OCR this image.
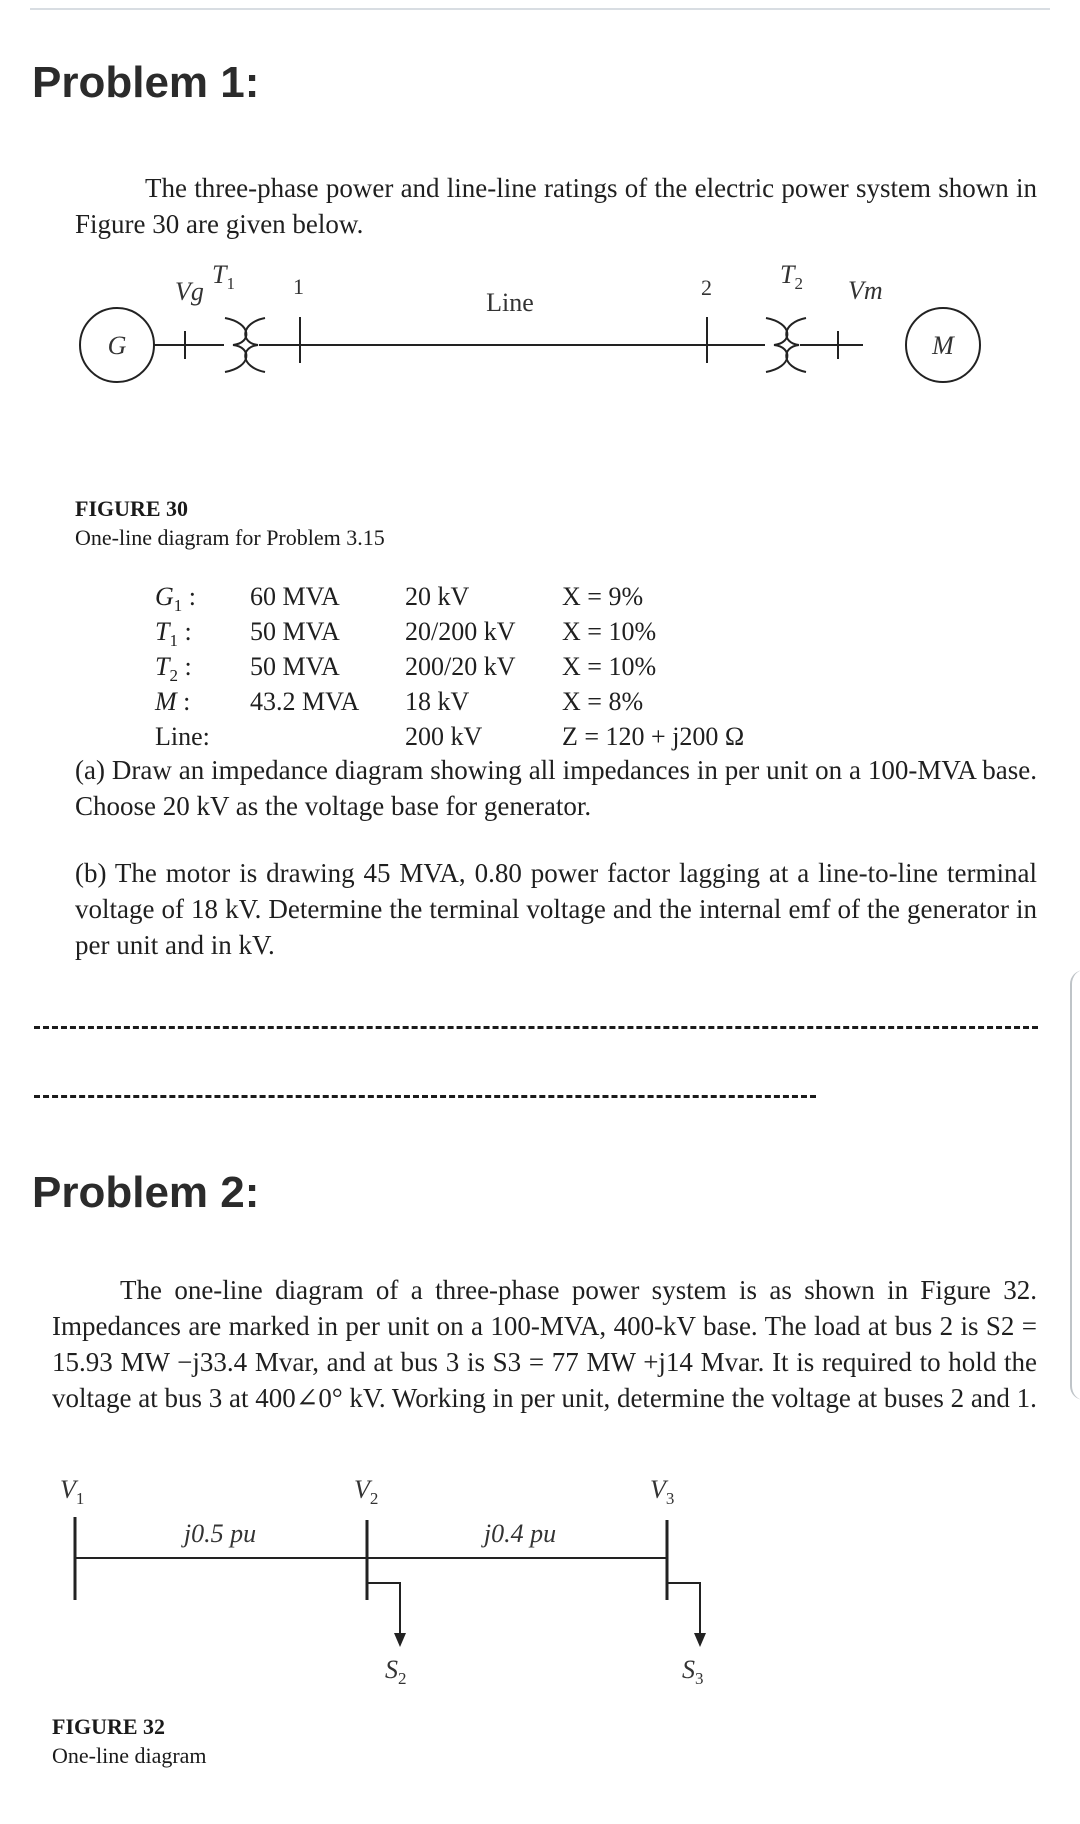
Problem 1:
The three-phase power and line-line ratings of the electric power system shown in Figure 30 are given below.
G	M
Vg
$T_1$	1
Line
2	$T_2$ Vm
FIGURE 30
One-line diagram for Problem 3.15
$G_1$ : 60 MVA	20 kV	X = 9%
$T_1$ : 50 MVA	20/200 kV X = 10%
$T_2$ : 50 MVA	200/20 kV X = 10%
M : 43.2 MVA 18 kV	X = 8%
Line:	200 kV	Z = 120 + j200 Ω
(a) Draw an impedance diagram showing all impedances in per unit on a 100-MVA base. Choose 20 kV as the voltage base for generator.
(b) The motor is drawing 45 MVA, 0.80 power factor lagging at a line-to-line terminal voltage of 18 kV. Determine the terminal voltage and the internal emf of the generator in per unit and in kV.
Problem 2:
The one-line diagram of a three-phase power system is as shown in Figure 32. Impedances are marked in per unit on a 100-MVA, 400-kV base. The load at bus 2 is S2 = 15.93 MW −j33.4 Mvar, and at bus 3 is S3 = 77 MW +j14 Mvar. It is required to hold the voltage at bus 3 at 400∠0° kV. Working in per unit, determine the voltage at buses 2 and 1.
$V_1$	$V_2$	$V_3$
j0.5 pu	j0.4 pu
$S_2$	$S_3$
FIGURE 32
One-line diagram
